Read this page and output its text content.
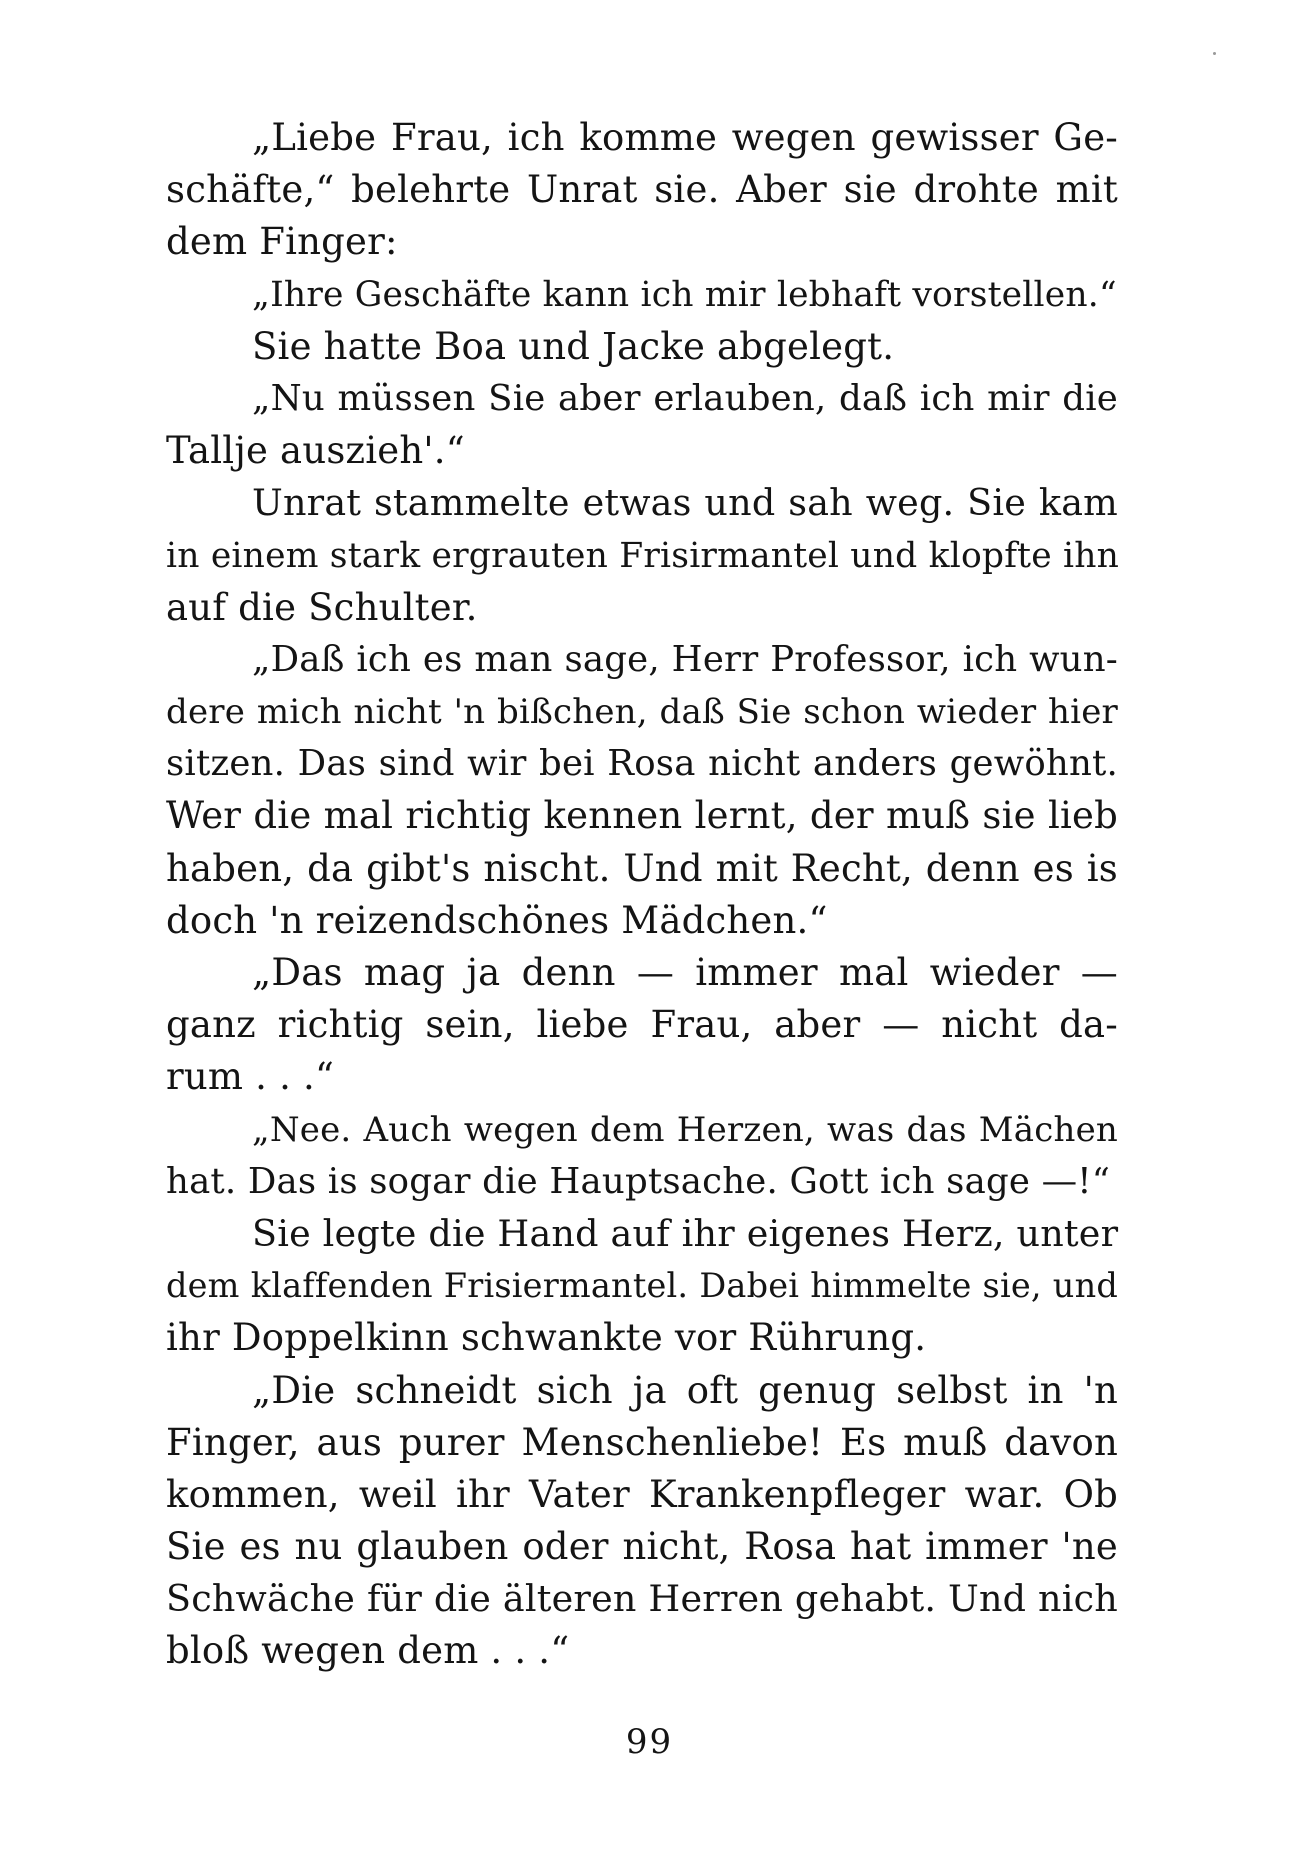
„Liebe Frau, ich komme wegen gewisser Ge-
schäfte,“ belehrte Unrat sie. Aber sie drohte mit
dem Finger:
„Ihre Geschäfte kann ich mir lebhaft vorstellen.“
Sie hatte Boa und Jacke abgelegt.
„Nu müssen Sie aber erlauben, daß ich mir die
Tallje auszieh'.“
Unrat stammelte etwas und sah weg. Sie kam
in einem stark ergrauten Frisirmantel und klopfte ihn
auf die Schulter.
„Daß ich es man sage, Herr Professor, ich wun-
dere mich nicht 'n bißchen, daß Sie schon wieder hier
sitzen. Das sind wir bei Rosa nicht anders gewöhnt.
Wer die mal richtig kennen lernt, der muß sie lieb
haben, da gibt's nischt. Und mit Recht, denn es is
doch 'n reizendschönes Mädchen.“
„Das mag ja denn — immer mal wieder —
ganz richtig sein, liebe Frau, aber — nicht da-
rum . . .“
„Nee. Auch wegen dem Herzen, was das Mächen
hat. Das is sogar die Hauptsache. Gott ich sage —!“
Sie legte die Hand auf ihr eigenes Herz, unter
dem klaffenden Frisiermantel. Dabei himmelte sie, und
ihr Doppelkinn schwankte vor Rührung.
„Die schneidt sich ja oft genug selbst in 'n
Finger, aus purer Menschenliebe! Es muß davon
kommen, weil ihr Vater Krankenpfleger war. Ob
Sie es nu glauben oder nicht, Rosa hat immer 'ne
Schwäche für die älteren Herren gehabt. Und nich
bloß wegen dem . . .“
99
